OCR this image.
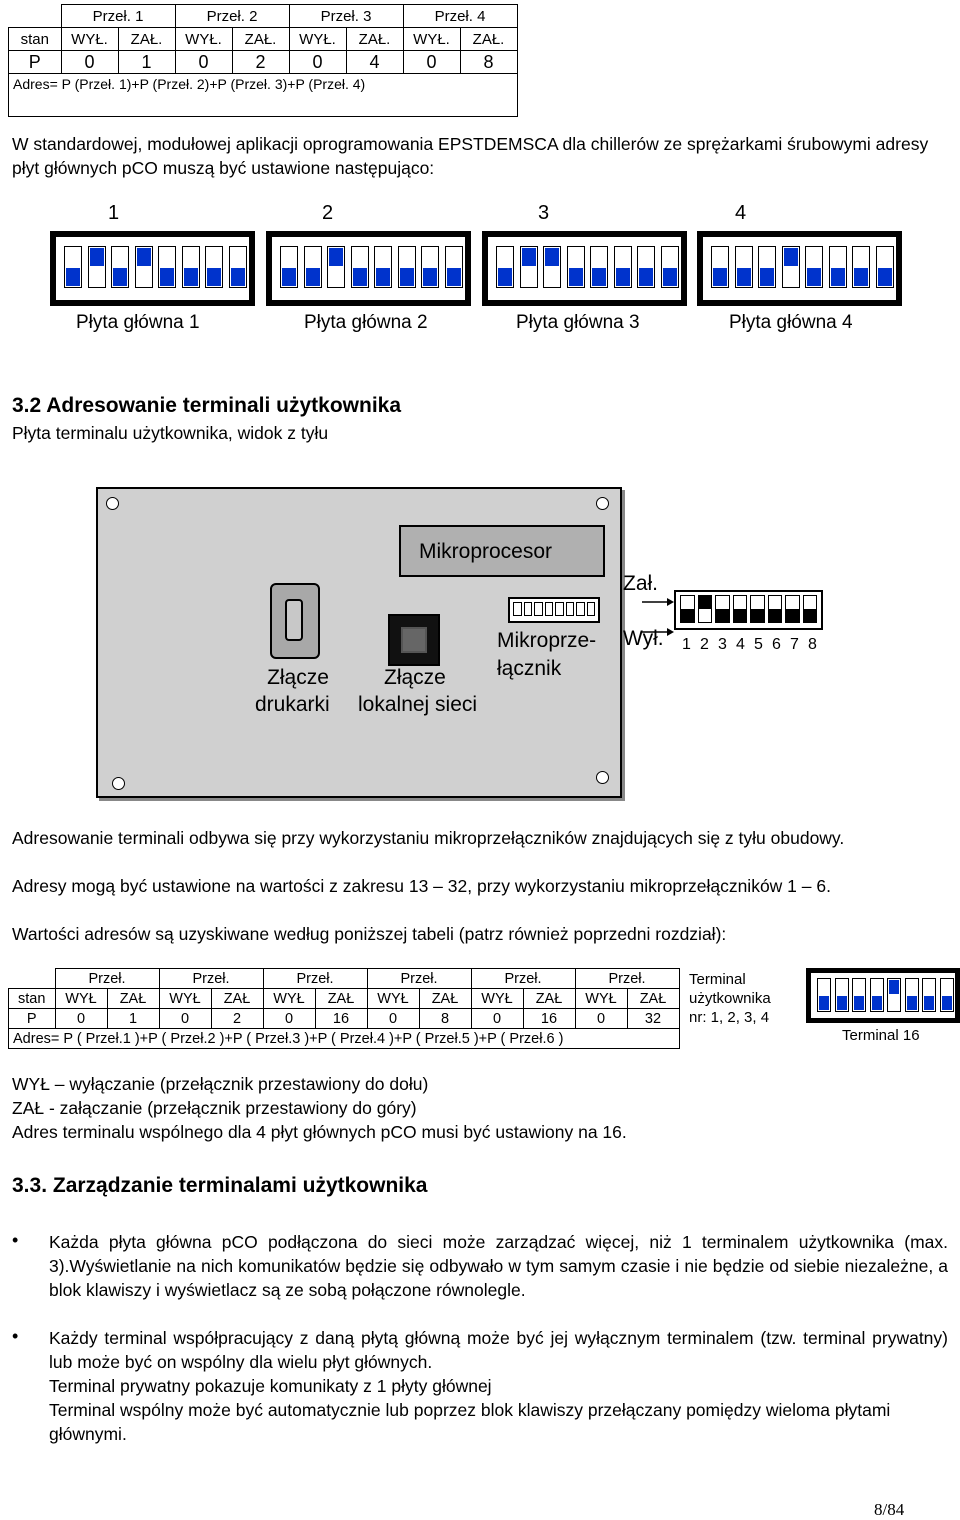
	Przeł. 1		Przeł. 2		Przeł. 3		Przeł. 4	
stan	WYŁ.	ZAŁ.	WYŁ.	ZAŁ.	WYŁ.	ZAŁ.	WYŁ.	ZAŁ.
P	0	1	0	2	0	4	0	8
Adres= P (Przeł. 1)+P (Przeł. 2)+P (Przeł. 3)+P (Przeł. 4)								
W standardowej, modułowej aplikacji oprogramowania EPSTDEMSCA dla chillerów ze sprężarkami śrubowymi adresy płyt głównych pCO muszą być ustawione następująco:
1
Płyta główna 1
2
Płyta główna 2
3
Płyta główna 3
4
Płyta główna 4
3.2 Adresowanie terminali użytkownika
Płyta terminalu użytkownika, widok z tyłu
Mikroprocesor
Złącze
drukarki
Złącze
lokalnej sieci
Mikroprze-
łącznik
Zał.
Wył. 1 2 3 4 5 6 7 8
Adresowanie terminali odbywa się przy wykorzystaniu mikroprzełączników znajdujących się z tyłu obudowy.
Adresy mogą być ustawione na wartości z zakresu 13 – 32, przy wykorzystaniu mikroprzełączników 1 – 6.
Wartości adresów są uzyskiwane według poniższej tabeli (patrz również poprzedni rozdział):
	Przeł.		Przeł.		Przeł.		Przeł.		Przeł.		Przeł.	
stan	WYŁ	ZAŁ	WYŁ	ZAŁ	WYŁ	ZAŁ	WYŁ	ZAŁ	WYŁ	ZAŁ	WYŁ	ZAŁ
P	0	1	0	2	0	16	0	8	0	16	0	32
Adres= P ( Przeł.1 )+P ( Przeł.2 )+P ( Przeł.3 )+P ( Przeł.4 )+P ( Przeł.5 )+P ( Przeł.6 )												
Terminal
użytkownika
nr: 1, 2, 3, 4
Terminal 16
WYŁ – wyłączanie (przełącznik przestawiony do dołu)
ZAŁ - załączanie (przełącznik przestawiony do góry)
Adres terminalu wspólnego dla 4 płyt głównych pCO musi być ustawiony na 16.
3.3. Zarządzanie terminalami użytkownika
• Każda płyta główna pCO podłączona do sieci może zarządzać więcej, niż 1 terminalem użytkownika (max. 3).Wyświetlanie na nich komunikatów będzie się odbywało w tym samym czasie i nie będzie od siebie niezależne, a blok klawiszy i wyświetlacz są ze sobą połączone równolegle.
• Każdy terminal współpracujący z daną płytą główną może być jej wyłącznym terminalem (tzw. terminal prywatny) lub może być on wspólny dla wielu płyt głównych.
Terminal prywatny pokazuje komunikaty z 1 płyty głównej
Terminal wspólny może być automatycznie lub poprzez blok klawiszy przełączany pomiędzy wieloma płytami głównymi.
8/84
